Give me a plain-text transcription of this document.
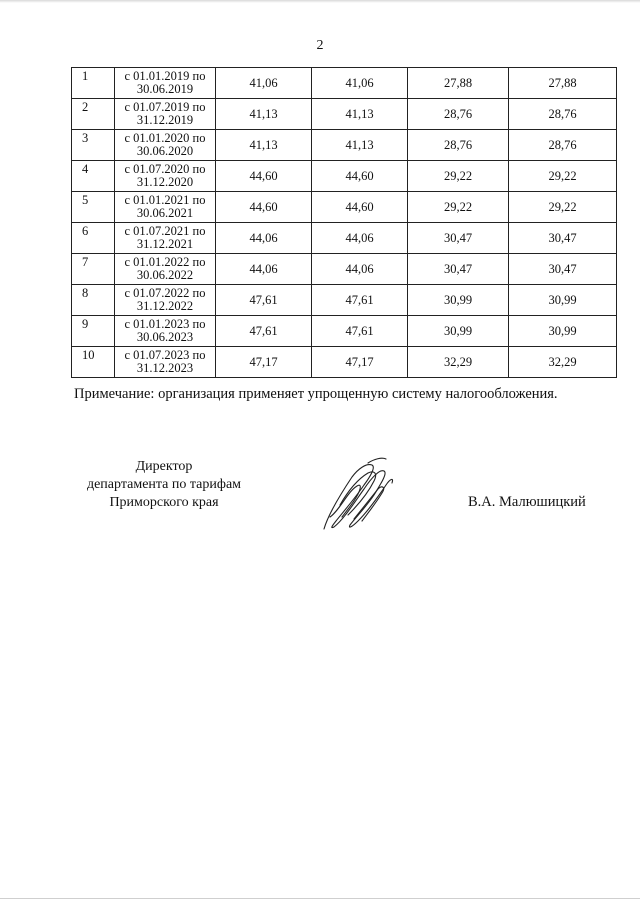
2
1	с 01.01.2019 по
30.06.2019	41,06	41,06	27,88	27,88

2	с 01.07.2019 по
31.12.2019	41,13	41,13	28,76	28,76

3	с 01.01.2020 по
30.06.2020	41,13	41,13	28,76	28,76

4	с 01.07.2020 по
31.12.2020	44,60	44,60	29,22	29,22

5	с 01.01.2021 по
30.06.2021	44,60	44,60	29,22	29,22

6	с 01.07.2021 по
31.12.2021	44,06	44,06	30,47	30,47

7	с 01.01.2022 по
30.06.2022	44,06	44,06	30,47	30,47

8	с 01.07.2022 по
31.12.2022	47,61	47,61	30,99	30,99

9	с 01.01.2023 по
30.06.2023	47,61	47,61	30,99	30,99

10	с 01.07.2023 по
31.12.2023	47,17	47,17	32,29	32,29
Примечание: организация применяет упрощенную систему налогообложения.
Директор
департамента по тарифам
Приморского края	В.А. Малюшицкий
